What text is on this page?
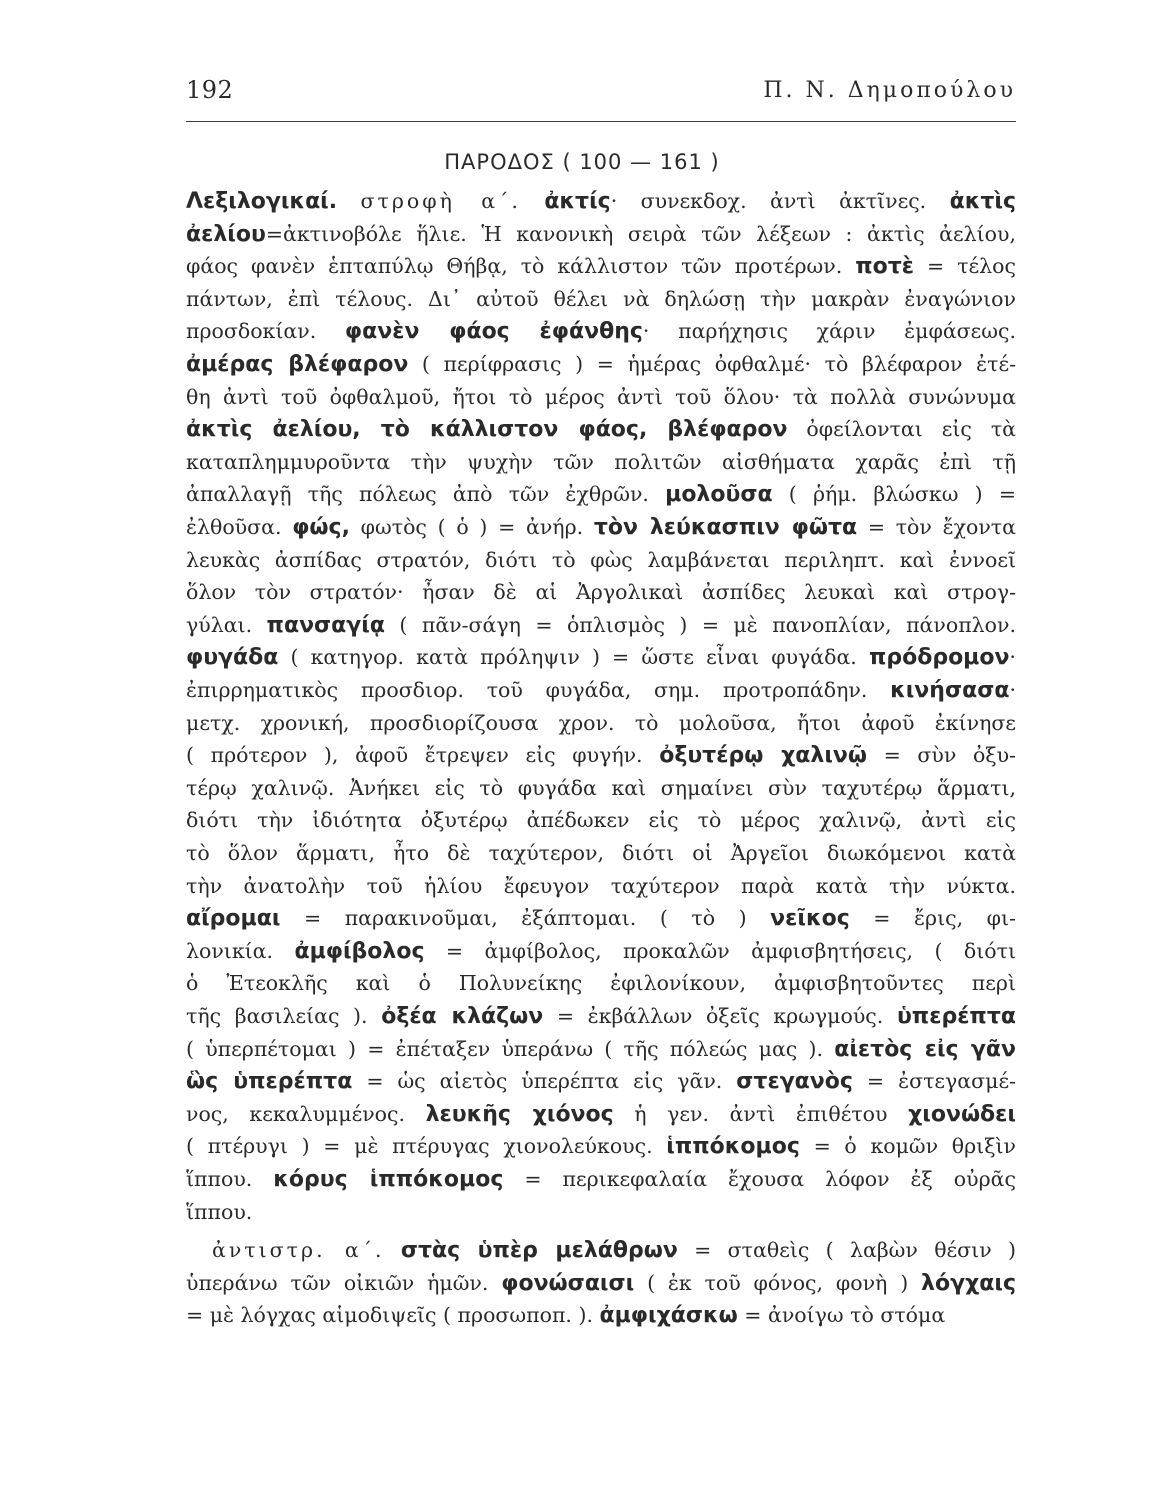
192	Π. Ν. Δημοπούλου
ΠΑΡΟΔΟΣ ( 100 — 161 )
Λεξιλογικαί. στροφὴ α΄. ἀκτίς· συνεκδοχ. ἀντὶ ἀκτῖνες. ἀκτὶς
ἀελίου=ἀκτινοβόλε ἥλιε. Ἡ κανονικὴ σειρὰ τῶν λέξεων : ἀκτὶς ἀελίου,
φάος φανὲν ἑπταπύλῳ Θήβᾳ, τὸ κάλλιστον τῶν προτέρων. ποτὲ = τέλος
πάντων, ἐπὶ τέλους. Δι᾽ αὐτοῦ θέλει νὰ δηλώσῃ τὴν μακρὰν ἐναγώνιον
προσδοκίαν. φανὲν φάος ἐφάνθης· παρήχησις χάριν ἐμφάσεως.
ἀμέρας βλέφαρον ( περίφρασις ) = ἡμέρας ὀφθαλμέ· τὸ βλέφαρον ἐτέ-
θη ἀντὶ τοῦ ὀφθαλμοῦ, ἤτοι τὸ μέρος ἀντὶ τοῦ ὅλου· τὰ πολλὰ συνώνυμα
ἀκτὶς ἀελίου, τὸ κάλλιστον φάος, βλέφαρον ὀφείλονται εἰς τὰ
καταπλημμυροῦντα τὴν ψυχὴν τῶν πολιτῶν αἰσθήματα χαρᾶς ἐπὶ τῇ
ἀπαλλαγῇ τῆς πόλεως ἀπὸ τῶν ἐχθρῶν. μολοῦσα ( ῥήμ. βλώσκω ) =
ἐλθοῦσα. φώς, φωτὸς ( ὁ ) = ἀνήρ. τὸν λεύκασπιν φῶτα = τὸν ἔχοντα
λευκὰς ἀσπίδας στρατόν, διότι τὸ φὼς λαμβάνεται περιληπτ. καὶ ἐννοεῖ
ὅλον τὸν στρατόν· ἦσαν δὲ αἱ Ἀργολικαὶ ἀσπίδες λευκαὶ καὶ στρογ-
γύλαι. πανσαγίᾳ ( πᾶν-σάγη = ὁπλισμὸς ) = μὲ πανοπλίαν, πάνοπλον.
φυγάδα ( κατηγορ. κατὰ πρόληψιν ) = ὥστε εἶναι φυγάδα. πρόδρομον·
ἐπιρρηματικὸς προσδιορ. τοῦ φυγάδα, σημ. προτροπάδην. κινήσασα·
μετχ. χρονική, προσδιορίζουσα χρον. τὸ μολοῦσα, ἤτοι ἀφοῦ ἐκίνησε
( πρότερον ), ἀφοῦ ἔτρεψεν εἰς φυγήν. ὀξυτέρῳ χαλινῷ = σὺν ὀξυ-
τέρῳ χαλινῷ. Ἀνήκει εἰς τὸ φυγάδα καὶ σημαίνει σὺν ταχυτέρῳ ἅρματι,
διότι τὴν ἰδιότητα ὀξυτέρῳ ἀπέδωκεν εἰς τὸ μέρος χαλινῷ, ἀντὶ εἰς
τὸ ὅλον ἅρματι, ἦτο δὲ ταχύτερον, διότι οἱ Ἀργεῖοι διωκόμενοι κατὰ
τὴν ἀνατολὴν τοῦ ἡλίου ἔφευγον ταχύτερον παρὰ κατὰ τὴν νύκτα.
αἴρομαι = παρακινοῦμαι, ἐξάπτομαι. ( τὸ ) νεῖκος = ἔρις, φι-
λονικία. ἀμφίβολος = ἀμφίβολος, προκαλῶν ἀμφισβητήσεις, ( διότι
ὁ Ἐτεοκλῆς καὶ ὁ Πολυνείκης ἐφιλονίκουν, ἀμφισβητοῦντες περὶ
τῆς βασιλείας ). ὀξέα κλάζων = ἐκβάλλων ὀξεῖς κρωγμούς. ὑπερέπτα
( ὑπερπέτομαι ) = ἐπέταξεν ὑπεράνω ( τῆς πόλεώς μας ). αἰετὸς εἰς γᾶν
ὣς ὑπερέπτα = ὡς αἰετὸς ὑπερέπτα εἰς γᾶν. στεγανὸς = ἐστεγασμέ-
νος, κεκαλυμμένος. λευκῆς χιόνος ἡ γεν. ἀντὶ ἐπιθέτου χιονώδει
( πτέρυγι ) = μὲ πτέρυγας χιονολεύκους. ἱππόκομος = ὁ κομῶν θριξὶν
ἵππου. κόρυς ἱππόκομος = περικεφαλαία ἔχουσα λόφον ἐξ οὐρᾶς
ἵππου.
ἀντιστρ. α΄. στὰς ὑπὲρ μελάθρων = σταθεὶς ( λαβὼν θέσιν )
ὑπεράνω τῶν οἰκιῶν ἡμῶν. φονώσαισι ( ἐκ τοῦ φόνος, φονὴ ) λόγχαις
= μὲ λόγχας αἱμοδιψεῖς ( προσωποπ. ). ἀμφιχάσκω = ἀνοίγω τὸ στόμα
